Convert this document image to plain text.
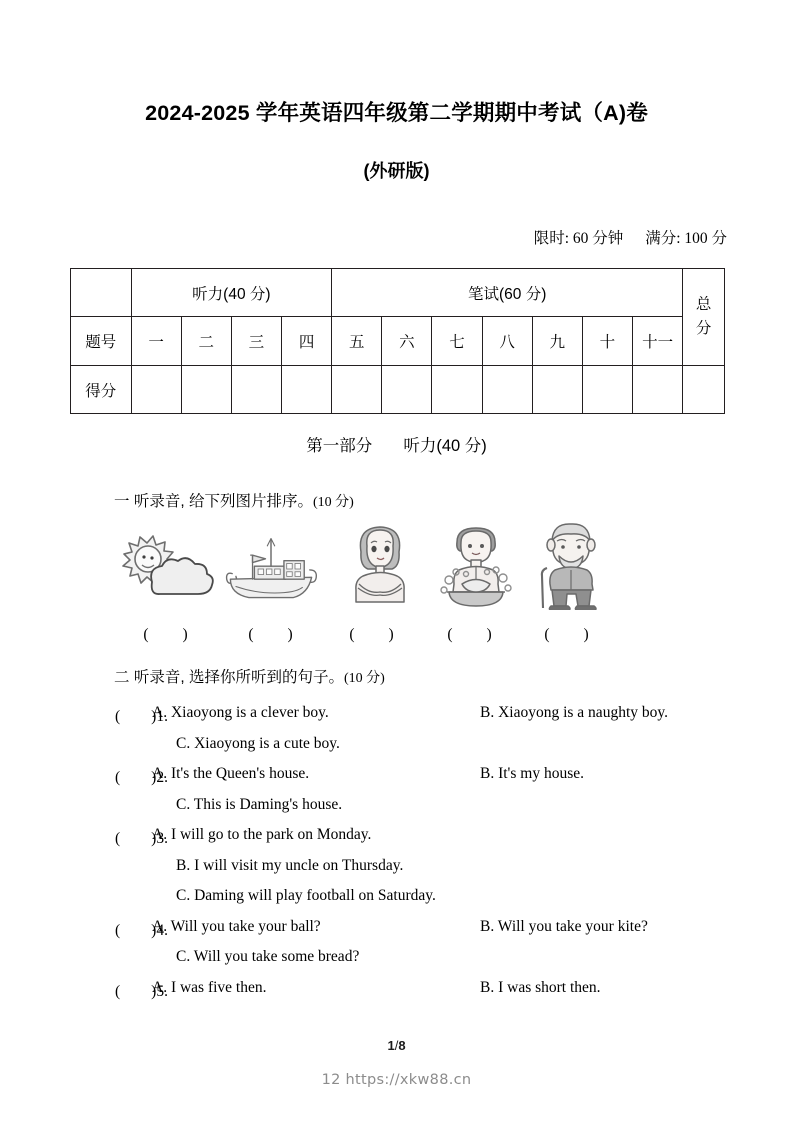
2024-2025 学年英语四年级第二学期期中考试（A)卷
(外研版)
限时: 60 分钟 满分: 100 分
	听力(40 分)				笔试(60 分)							总
分

题号	一	二	三	四	五	六	七	八	九	十	十一	
得分												
第一部分 听力(40 分)
一 听录音, 给下列图片排序。(10 分)
(　　)	(　　)	(　　)	(　　)	(　　)
二 听录音, 选择你所听到的句子。(10 分)
(　　)1.
A. Xiaoyong is a clever boy.	B. Xiaoyong is a naughty boy.
C. Xiaoyong is a cute boy.
(　　)2.
A. It's the Queen's house.	B. It's my house.
C. This is Daming's house.
(　　)3.
A. I will go to the park on Monday.
B. I will visit my uncle on Thursday.
C. Daming will play football on Saturday.
(　　)4.
A. Will you take your ball?	B. Will you take your kite?
C. Will you take some bread?
(　　)5.
A. I was five then.	B. I was short then.
1/8
12 https://xkw88.cn
